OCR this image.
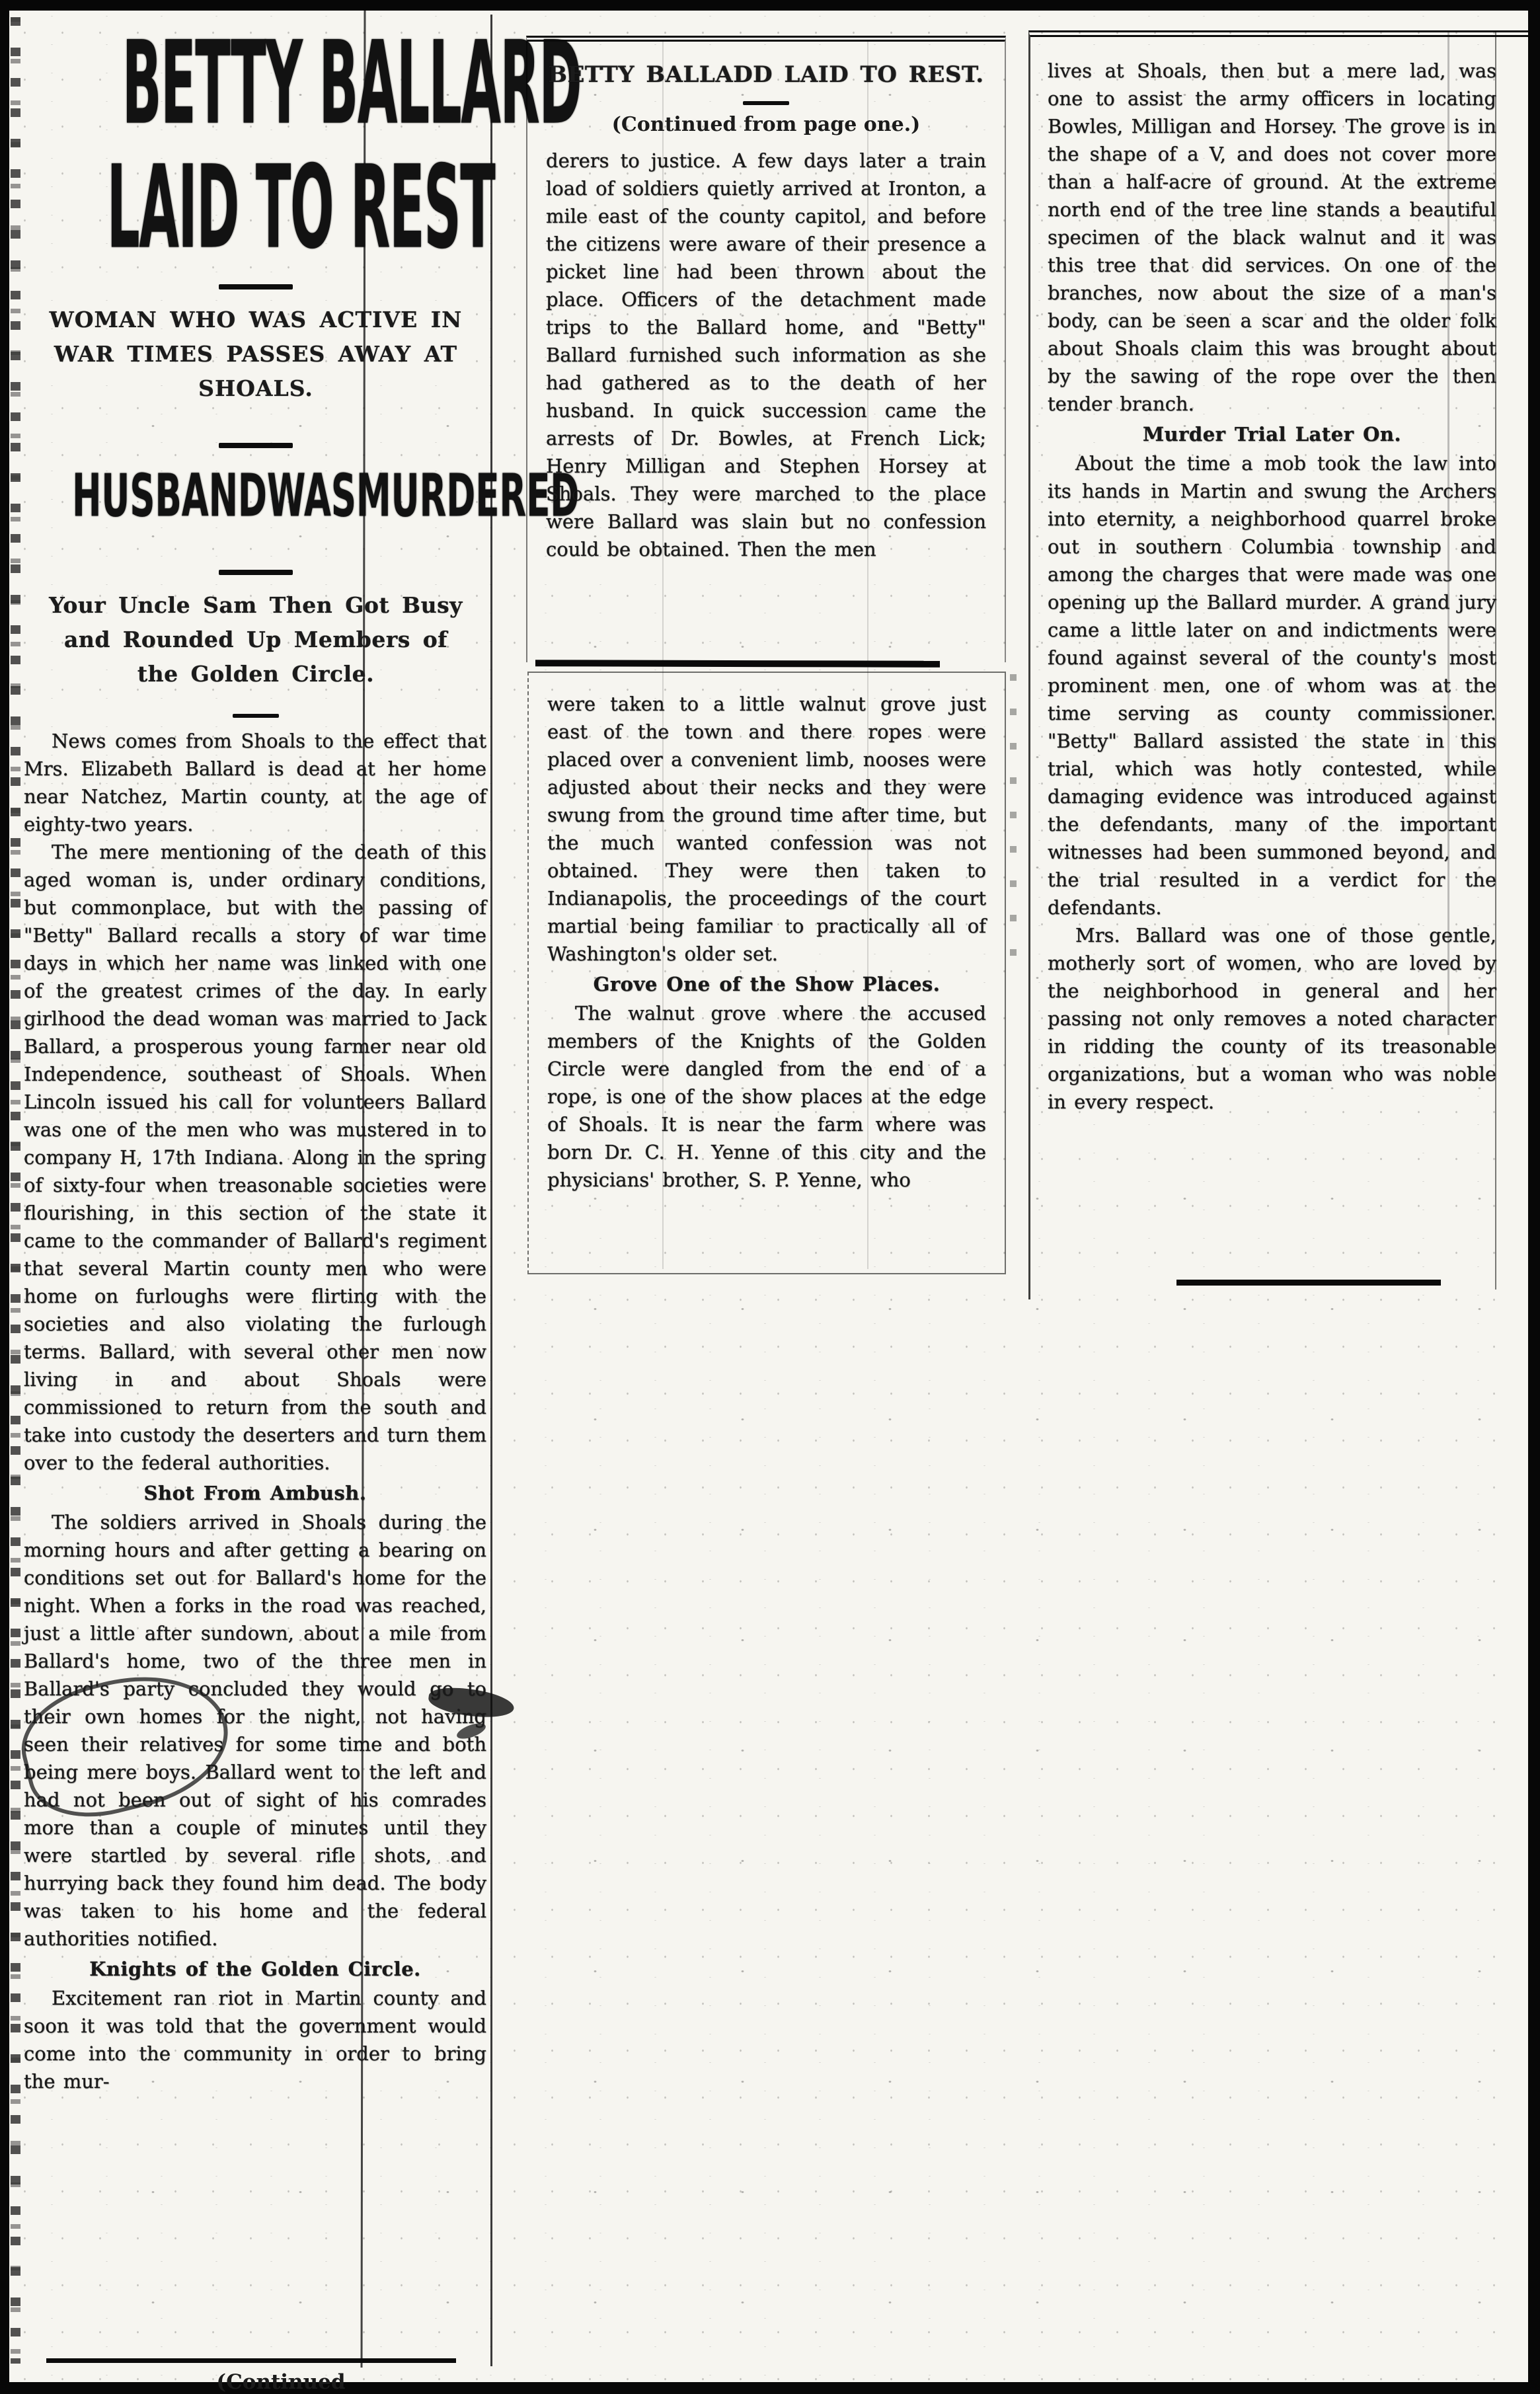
BETTY BALLARD
LAID TO REST
WOMAN WHO WAS ACTIVE IN WAR TIMES PASSES AWAY AT SHOALS.
HUSBANDWASMURDERED
Your Uncle Sam Then Got Busy and Rounded Up Members of the Golden Circle.

News comes from Shoals to the effect that Mrs. Elizabeth Ballard is dead at her home near Natchez, Martin county, at the age of eighty-two years.

The mere mentioning of the death of this aged woman is, under ordinary conditions, but commonplace, but with the passing of "Betty" Ballard recalls a story of war time days in which her name was linked with one of the greatest crimes of the day. In early girlhood the dead woman was married to Jack Ballard, a prosperous young farmer near old Independence, southeast of Shoals. When Lincoln issued his call for volunteers Ballard was one of the men who was mustered in to company H, 17th Indiana. Along in the spring of sixty-four when treasonable societies were flourishing, in this section of the state it came to the commander of Ballard's regiment that several Martin county men who were home on furloughs were flirting with the societies and also violating the furlough terms. Ballard, with several other men now living in and about Shoals were commissioned to return from the south and take into custody the deserters and turn them over to the federal authorities.

Shot From Ambush.

The soldiers arrived in Shoals during the morning hours and after getting a bearing on conditions set out for Ballard's home for the night. When a forks in the road was reached, just a little after sundown, about a mile from Ballard's home, two of the three men in Ballard's party concluded they would go to their own homes for the night, not having seen their relatives for some time and both being mere boys. Ballard went to the left and had not been out of sight of his comrades more than a couple of minutes until they were startled by several rifle shots, and hurrying back they found him dead. The body was taken to his home and the federal authorities notified.

Knights of the Golden Circle.

Excitement ran riot in Martin county and soon it was told that the government would come into the community in order to bring the mur-

BETTY BALLADD LAID TO REST.
(Continued from page one.)

derers to justice. A few days later a train load of soldiers quietly arrived at Ironton, a mile east of the county capitol, and before the citizens were aware of their presence a picket line had been thrown about the place. Officers of the detachment made trips to the Ballard home, and "Betty" Ballard furnished such information as she had gathered as to the death of her husband. In quick succession came the arrests of Dr. Bowles, at French Lick; Henry Milligan and Stephen Horsey at Shoals. They were marched to the place were Ballard was slain but no confession could be obtained. Then the men

were taken to a little walnut grove just east of the town and there ropes were placed over a convenient limb, nooses were adjusted about their necks and they were swung from the ground time after time, but the much wanted confession was not obtained. They were then taken to Indianapolis, the proceedings of the court martial being familiar to practically all of Washington's older set.

Grove One of the Show Places.

The walnut grove where the accused members of the Knights of the Golden Circle were dangled from the end of a rope, is one of the show places at the edge of Shoals. It is near the farm where was born Dr. C. H. Yenne of this city and the physicians' brother, S. P. Yenne, who

lives at Shoals, then but a mere lad, was one to assist the army officers in locating Bowles, Milligan and Horsey. The grove is in the shape of a V, and does not cover more than a half-acre of ground. At the extreme north end of the tree line stands a beautiful specimen of the black walnut and it was this tree that did services. On one of the branches, now about the size of a man's body, can be seen a scar and the older folk about Shoals claim this was brought about by the sawing of the rope over the then tender branch.

Murder Trial Later On.

About the time a mob took the law into its hands in Martin and swung the Archers into eternity, a neighborhood quarrel broke out in southern Columbia township and among the charges that were made was one opening up the Ballard murder. A grand jury came a little later on and indictments were found against several of the county's most prominent men, one of whom was at the time serving as county commissioner. "Betty" Ballard assisted the state in this trial, which was hotly contested, while damaging evidence was introduced against the defendants, many of the important witnesses had been summoned beyond, and the trial resulted in a verdict for the defendants.

Mrs. Ballard was one of those gentle, motherly sort of women, who are loved by the neighborhood in general and her passing not only removes a noted character in ridding the county of its treasonable organizations, but a woman who was noble in every respect.
